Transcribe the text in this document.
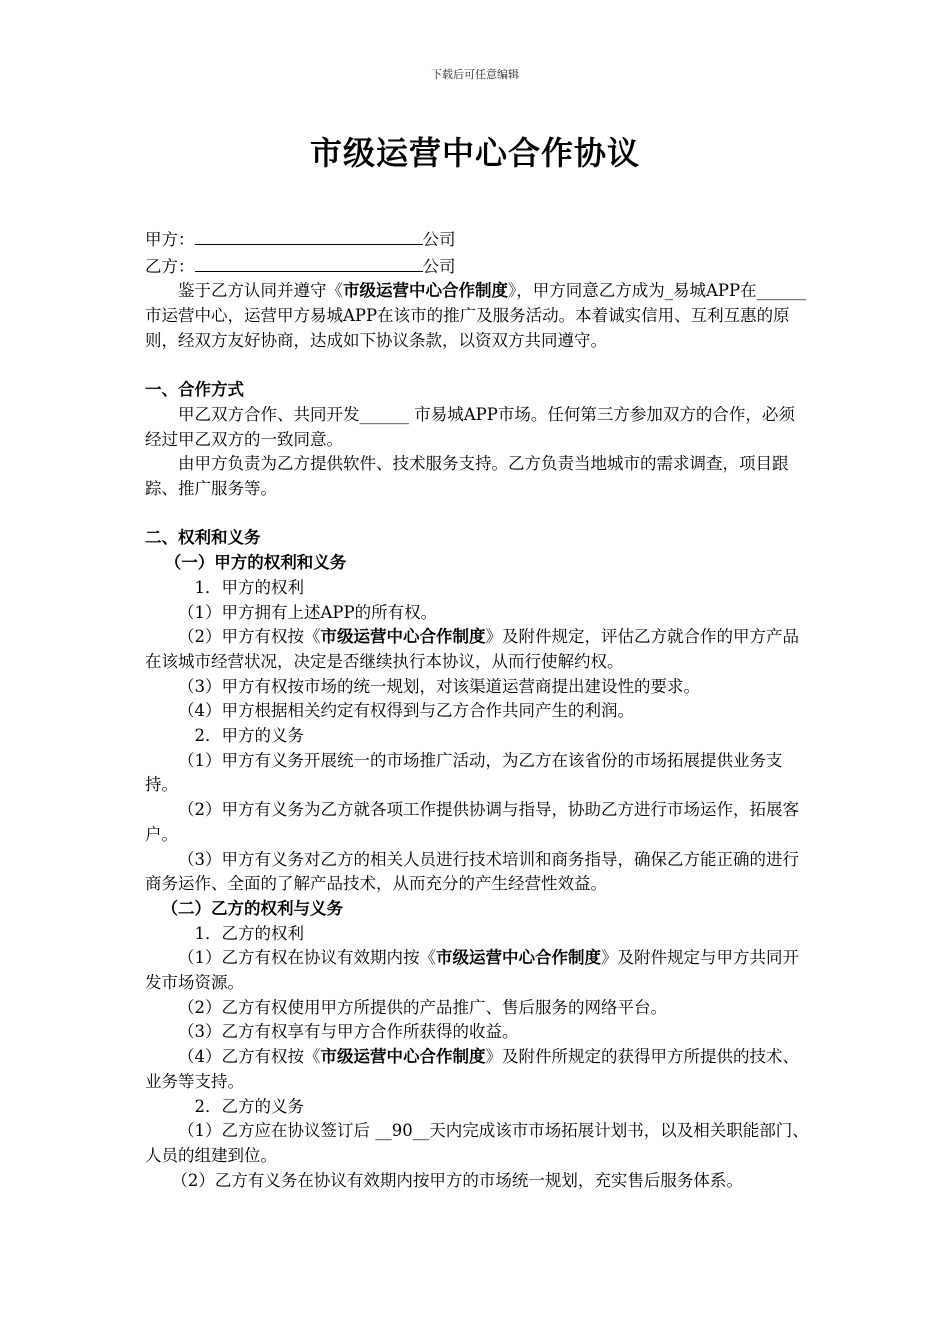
下载后可任意编辑
市级运营中心合作协议

甲方：	公司

乙方：	公司

鉴于乙方认同并遵守《市级运营中心合作制度》，甲方同意乙方成为_易城APP在______市运营中心，运营甲方易城APP在该市的推广及服务活动。本着诚实信用、互利互惠的原则，经双方友好协商，达成如下协议条款，以资双方共同遵守。

一、合作方式

甲乙双方合作、共同开发______ 市易城APP市场。任何第三方参加双方的合作，必须经过甲乙双方的一致同意。

由甲方负责为乙方提供软件、技术服务支持。乙方负责当地城市的需求调查，项目跟踪、推广服务等。

二、权利和义务

（一）甲方的权利和义务

1．甲方的权利

（1）甲方拥有上述APP的所有权。

（2）甲方有权按《市级运营中心合作制度》及附件规定，评估乙方就合作的甲方产品在该城市经营状况，决定是否继续执行本协议，从而行使解约权。

（3）甲方有权按市场的统一规划，对该渠道运营商提出建设性的要求。

（4）甲方根据相关约定有权得到与乙方合作共同产生的利润。

2．甲方的义务

（1）甲方有义务开展统一的市场推广活动，为乙方在该省份的市场拓展提供业务支持。

（2）甲方有义务为乙方就各项工作提供协调与指导，协助乙方进行市场运作，拓展客户。

（3）甲方有义务对乙方的相关人员进行技术培训和商务指导，确保乙方能正确的进行商务运作、全面的了解产品技术，从而充分的产生经营性效益。

（二）乙方的权利与义务

1．乙方的权利

（1）乙方有权在协议有效期内按《市级运营中心合作制度》及附件规定与甲方共同开发市场资源。

（2）乙方有权使用甲方所提供的产品推广、售后服务的网络平台。

（3）乙方有权享有与甲方合作所获得的收益。

（4）乙方有权按《市级运营中心合作制度》及附件所规定的获得甲方所提供的技术、业务等支持。

2．乙方的义务

（1）乙方应在协议签订后 __90__天内完成该市市场拓展计划书，以及相关职能部门、人员的组建到位。

（2）乙方有义务在协议有效期内按甲方的市场统一规划，充实售后服务体系。
